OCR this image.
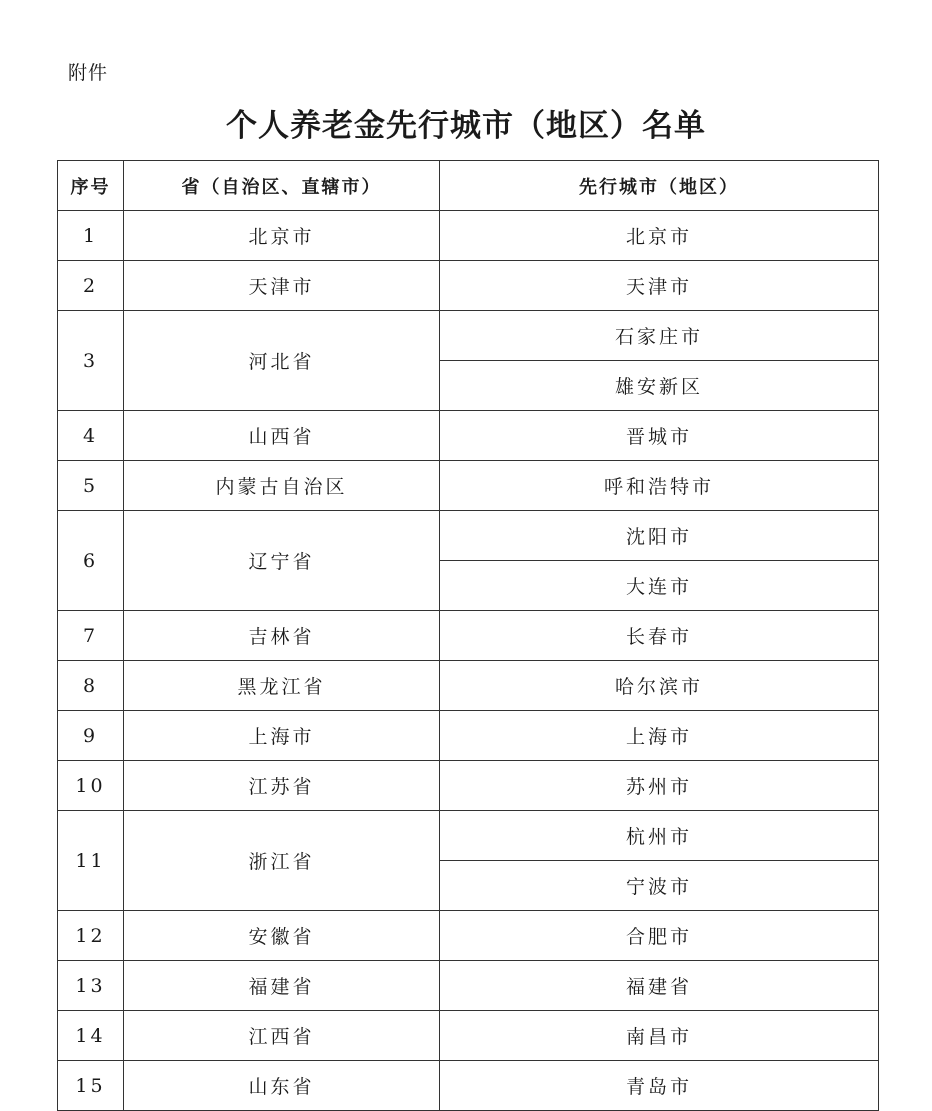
附件
个人养老金先行城市（地区）名单
序号	省（自治区、直辖市）	先行城市（地区）
1	北京市	北京市
2	天津市	天津市
3	河北省	石家庄市
		雄安新区
4	山西省	晋城市
5	内蒙古自治区	呼和浩特市
6	辽宁省	沈阳市
		大连市
7	吉林省	长春市
8	黑龙江省	哈尔滨市
9	上海市	上海市
10	江苏省	苏州市
11	浙江省	杭州市
		宁波市
12	安徽省	合肥市
13	福建省	福建省
14	江西省	南昌市
15	山东省	青岛市
